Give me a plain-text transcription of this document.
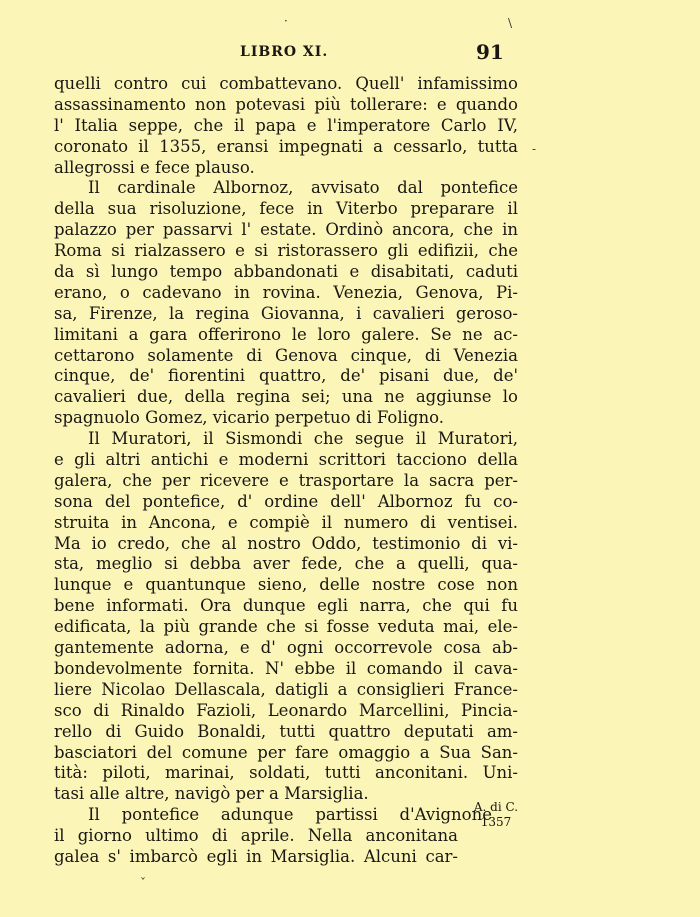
LIBRO XI.	91
·	\
-
ˇ
quelli contro cui combattevano. Quell' infamissimo
assassinamento non potevasi più tollerare: e quando
l' Italia seppe, che il papa e l'imperatore Carlo IV,
coronato il 1355, eransi impegnati a cessarlo, tutta
allegrossi e fece plauso.
Il cardinale Albornoz, avvisato dal pontefice
della sua risoluzione, fece in Viterbo preparare il
palazzo per passarvi l' estate. Ordinò ancora, che in
Roma si rialzassero e si ristorassero gli edifizii, che
da sì lungo tempo abbandonati e disabitati, caduti
erano, o cadevano in rovina. Venezia, Genova, Pi-
sa, Firenze, la regina Giovanna, i cavalieri geroso-
limitani a gara offerirono le loro galere. Se ne ac-
cettarono solamente di Genova cinque, di Venezia
cinque, de' fiorentini quattro, de' pisani due, de'
cavalieri due, della regina sei; una ne aggiunse lo
spagnuolo Gomez, vicario perpetuo di Foligno.
Il Muratori, il Sismondi che segue il Muratori,
e gli altri antichi e moderni scrittori tacciono della
galera, che per ricevere e trasportare la sacra per-
sona del pontefice, d' ordine dell' Albornoz fu co-
struita in Ancona, e compiè il numero di ventisei.
Ma io credo, che al nostro Oddo, testimonio di vi-
sta, meglio si debba aver fede, che a quelli, qua-
lunque e quantunque sieno, delle nostre cose non
bene informati. Ora dunque egli narra, che qui fu
edificata, la più grande che si fosse veduta mai, ele-
gantemente adorna, e d' ogni occorrevole cosa ab-
bondevolmente fornita. N' ebbe il comando il cava-
liere Nicolao Dellascala, datigli a consiglieri France-
sco di Rinaldo Fazioli, Leonardo Marcellini, Pincia-
rello di Guido Bonaldi, tutti quattro deputati am-
basciatori del comune per fare omaggio a Sua San-
tità: piloti, marinai, soldati, tutti anconitani. Uni-
tasi alle altre, navigò per a Marsiglia.
Il pontefice adunque partissi d'Avignone
il giorno ultimo di aprile. Nella anconitana
galea s' imbarcò egli in Marsiglia. Alcuni car-
A. di C.
1357
